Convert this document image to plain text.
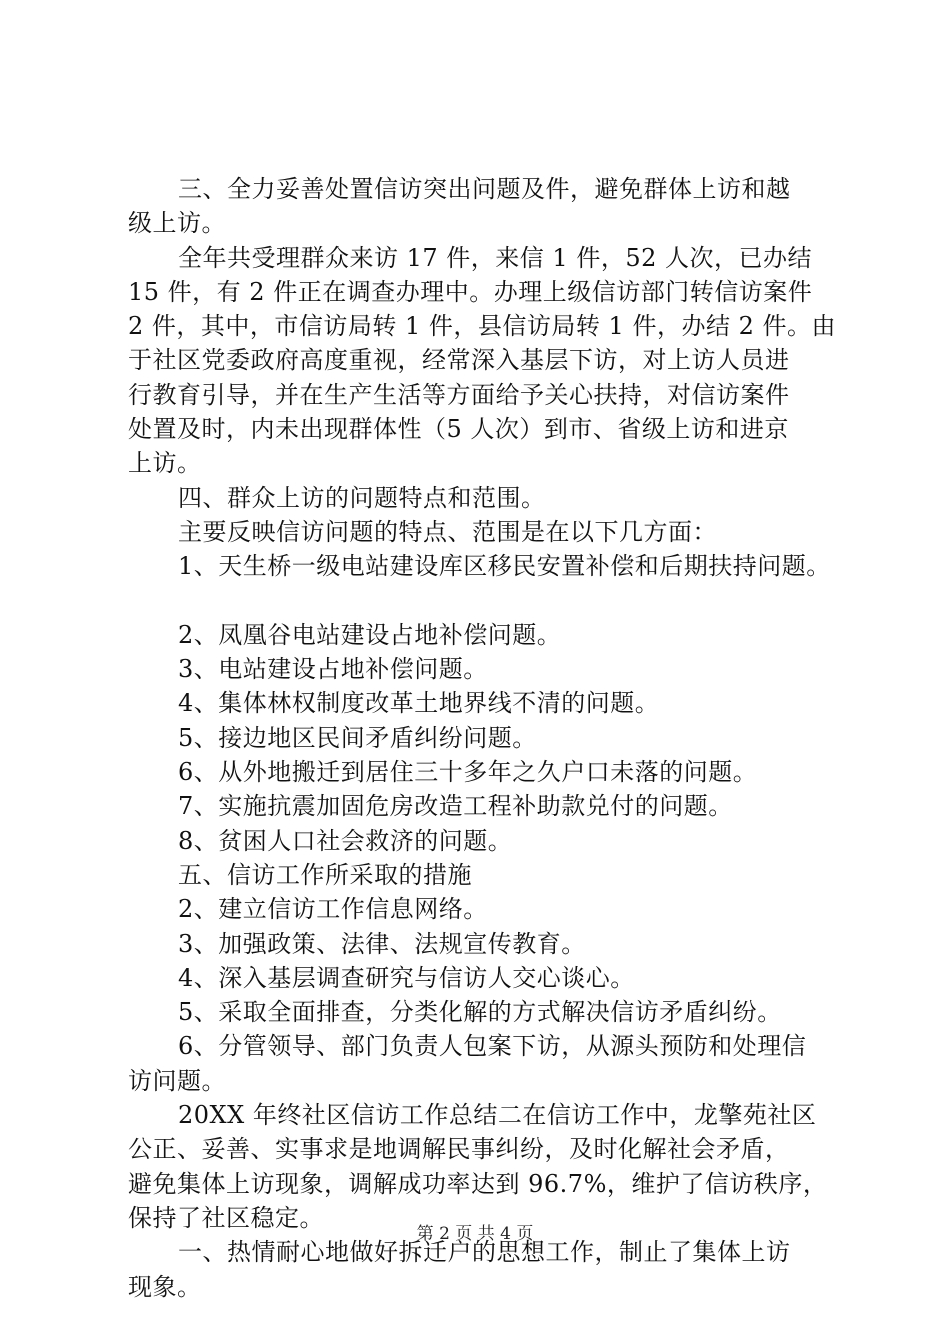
三、全力妥善处置信访突出问题及件，避免群体上访和越
级上访。
全年共受理群众来访 17 件，来信 1 件，52 人次，已办结
15 件，有 2 件正在调查办理中。办理上级信访部门转信访案件
2 件，其中，市信访局转 1 件，县信访局转 1 件，办结 2 件。由
于社区党委政府高度重视，经常深入基层下访，对上访人员进
行教育引导，并在生产生活等方面给予关心扶持，对信访案件
处置及时，内未出现群体性（5 人次）到市、省级上访和进京
上访。
四、群众上访的问题特点和范围。
主要反映信访问题的特点、范围是在以下几方面：
1、天生桥一级电站建设库区移民安置补偿和后期扶持问题。
2、凤凰谷电站建设占地补偿问题。
3、电站建设占地补偿问题。
4、集体林权制度改革土地界线不清的问题。
5、接边地区民间矛盾纠纷问题。
6、从外地搬迁到居住三十多年之久户口未落的问题。
7、实施抗震加固危房改造工程补助款兑付的问题。
8、贫困人口社会救济的问题。
五、信访工作所采取的措施
2、建立信访工作信息网络。
3、加强政策、法律、法规宣传教育。
4、深入基层调查研究与信访人交心谈心。
5、采取全面排查，分类化解的方式解决信访矛盾纠纷。
6、分管领导、部门负责人包案下访，从源头预防和处理信
访问题。
20XX 年终社区信访工作总结二在信访工作中，龙擎苑社区
公正、妥善、实事求是地调解民事纠纷，及时化解社会矛盾，
避免集体上访现象，调解成功率达到 96.7%，维护了信访秩序，
保持了社区稳定。
一、热情耐心地做好拆迁户的思想工作，制止了集体上访
现象。
第 2 页 共 4 页
